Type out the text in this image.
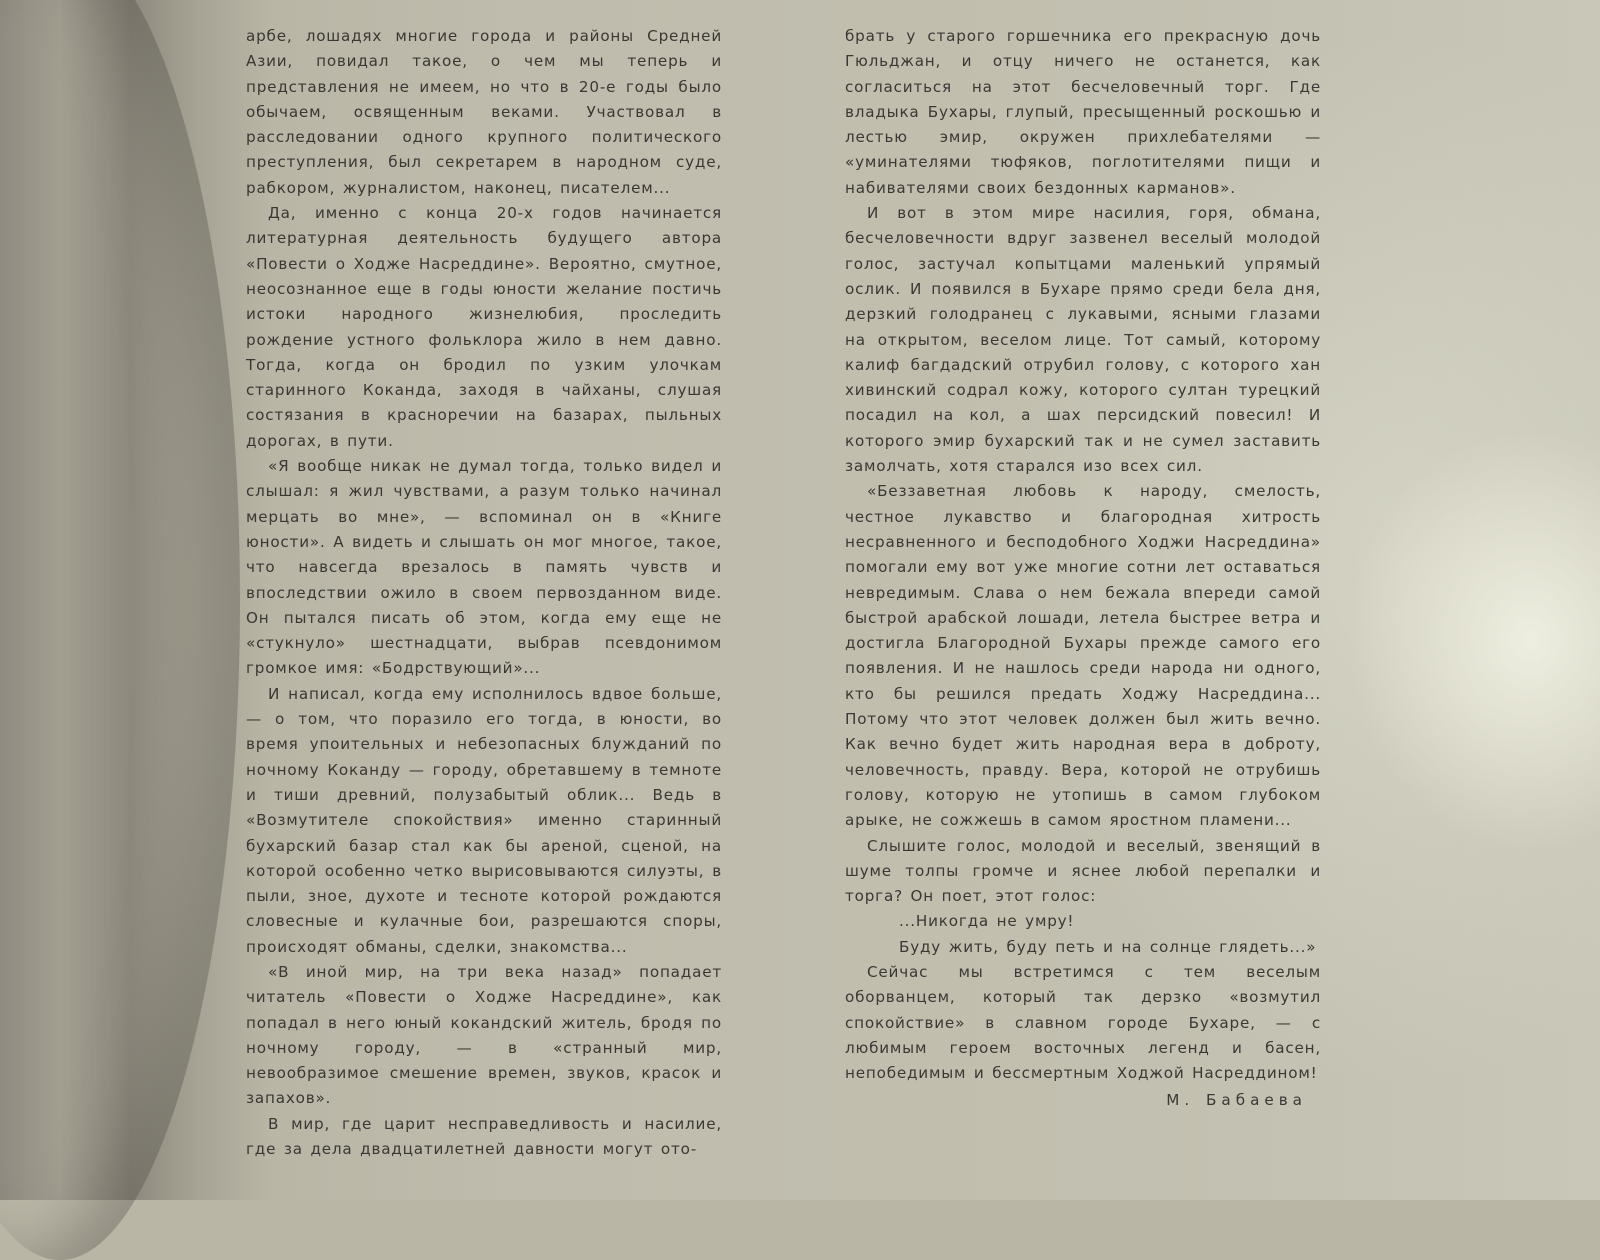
арбе, лошадях многие города и районы Средней Азии, повидал такое, о чем мы теперь и представления не имеем, но что в 20-е годы было обычаем, освященным веками. Участвовал в расследовании одного крупного политического преступления, был секретарем в народном суде, рабкором, журналистом, наконец, писателем...

Да, именно с конца 20-х годов начинается литературная деятельность будущего автора «Повести о Ходже Насреддине». Вероятно, смутное, неосознанное еще в годы юности желание постичь истоки народного жизнелюбия, проследить рождение устного фольклора жило в нем давно. Тогда, когда он бродил по узким улочкам старинного Коканда, заходя в чайханы, слушая состязания в красноречии на базарах, пыльных дорогах, в пути.

«Я вообще никак не думал тогда, только видел и слышал: я жил чувствами, а разум только начинал мерцать во мне», — вспоминал он в «Книге юности». А видеть и слышать он мог многое, такое, что навсегда врезалось в память чувств и впоследствии ожило в своем первозданном виде. Он пытался писать об этом, когда ему еще не «стукнуло» шестнадцати, выбрав псевдонимом громкое имя: «Бодрствующий»...

И написал, когда ему исполнилось вдвое больше, — о том, что поразило его тогда, в юности, во время упоительных и небезопасных блужданий по ночному Коканду — городу, обретавшему в темноте и тиши древний, полузабытый облик... Ведь в «Возмутителе спокойствия» именно старинный бухарский базар стал как бы ареной, сценой, на которой особенно четко вырисовываются силуэты, в пыли, зное, духоте и тесноте которой рождаются словесные и кулачные бои, разрешаются споры, происходят обманы, сделки, знакомства...

«В иной мир, на три века назад» попадает читатель «Повести о Ходже Насреддине», как попадал в него юный кокандский житель, бродя по ночному городу, — в «странный мир, невообразимое смешение времен, звуков, красок и запахов».

В мир, где царит несправедливость и насилие, где за дела двадцатилетней давности могут ото-

брать у старого горшечника его прекрасную дочь Гюльджан, и отцу ничего не останется, как согласиться на этот бесчеловечный торг. Где владыка Бухары, глупый, пресыщенный роскошью и лестью эмир, окружен прихлебателями — «уминателями тюфяков, поглотителями пищи и набивателями своих бездонных карманов».

И вот в этом мире насилия, горя, обмана, бесчеловечности вдруг зазвенел веселый молодой голос, застучал копытцами маленький упрямый ослик. И появился в Бухаре прямо среди бела дня, дерзкий голодранец с лукавыми, ясными глазами на открытом, веселом лице. Тот самый, которому калиф багдадский отрубил голову, с которого хан хивинский содрал кожу, которого султан турецкий посадил на кол, а шах персидский повесил! И которого эмир бухарский так и не сумел заставить замолчать, хотя старался изо всех сил.

«Беззаветная любовь к народу, смелость, честное лукавство и благородная хитрость несравненного и бесподобного Ходжи Насреддина» помогали ему вот уже многие сотни лет оставаться невредимым. Слава о нем бежала впереди самой быстрой арабской лошади, летела быстрее ветра и достигла Благородной Бухары прежде самого его появления. И не нашлось среди народа ни одного, кто бы решился предать Ходжу Насреддина... Потому что этот человек должен был жить вечно. Как вечно будет жить народная вера в доброту, человечность, правду. Вера, которой не отрубишь голову, которую не утопишь в самом глубоком арыке, не сожжешь в самом яростном пламени...

Слышите голос, молодой и веселый, звенящий в шуме толпы громче и яснее любой перепалки и торга? Он поет, этот голос:

...Никогда не умру!

Буду жить, буду петь и на солнце глядеть...»

Сейчас мы встретимся с тем веселым оборванцем, который так дерзко «возмутил спокойствие» в славном городе Бухаре, — с любимым героем восточных легенд и басен, непобедимым и бессмертным Ходжой Насреддином!

М. Бабаева
